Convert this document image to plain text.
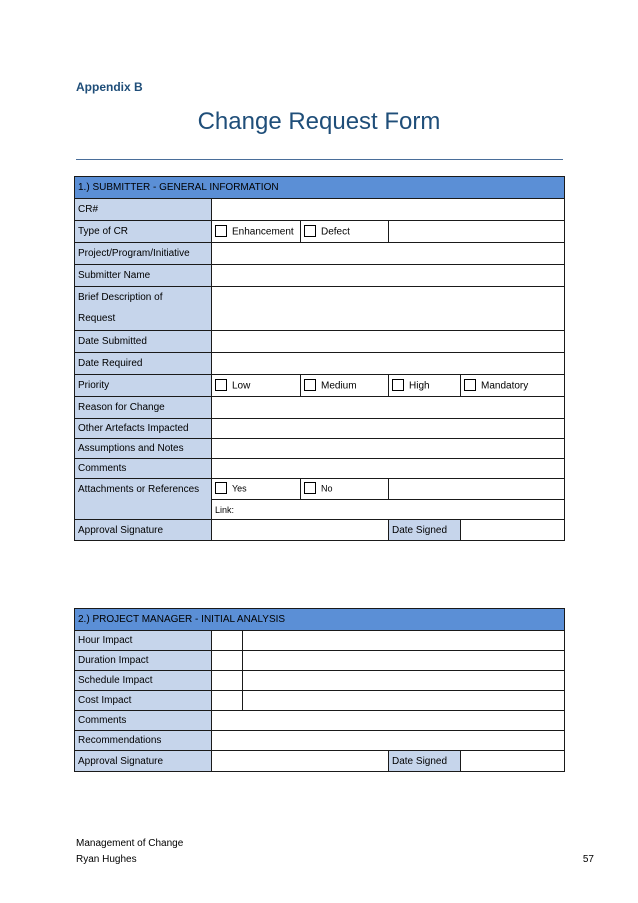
Appendix B
Change Request Form
1.) SUBMITTER - GENERAL INFORMATION				
CR#				
Type of CR	Enhancement	Defect		
Project/Program/Initiative				
Submitter Name				
Brief Description of
Request				
Date Submitted				
Date Required				
Priority	Low	Medium	High	Mandatory
Reason for Change				
Other Artefacts Impacted				
Assumptions and Notes				
Comments				
Attachments or References	Yes	No		
	Link:			
Approval Signature			Date Signed	
2.) PROJECT MANAGER - INITIAL ANALYSIS				
Hour Impact				
Duration Impact				
Schedule Impact				
Cost Impact				
Comments				
Recommendations				
Approval Signature			Date Signed	
Management of Change
Ryan Hughes	57
